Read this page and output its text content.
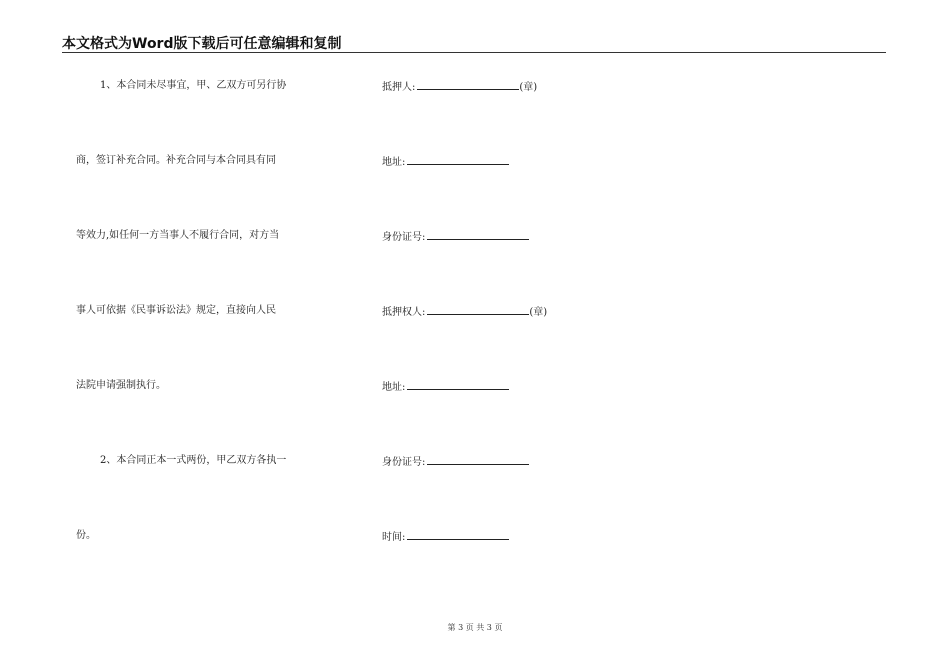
本文格式为Word版下载后可任意编辑和复制
1、本合同未尽事宜，甲、乙双方可另行协
商，签订补充合同。补充合同与本合同具有同
等效力,如任何一方当事人不履行合同，对方当
事人可依据《民事诉讼法》规定，直接向人民
法院申请强制执行。
2、本合同正本一式两份，甲乙双方各执一
份。
抵押人:	(章)
地址:
身份证号:
抵押权人:	(章)
地址:
身份证号:
时间:
第 3 页 共 3 页
